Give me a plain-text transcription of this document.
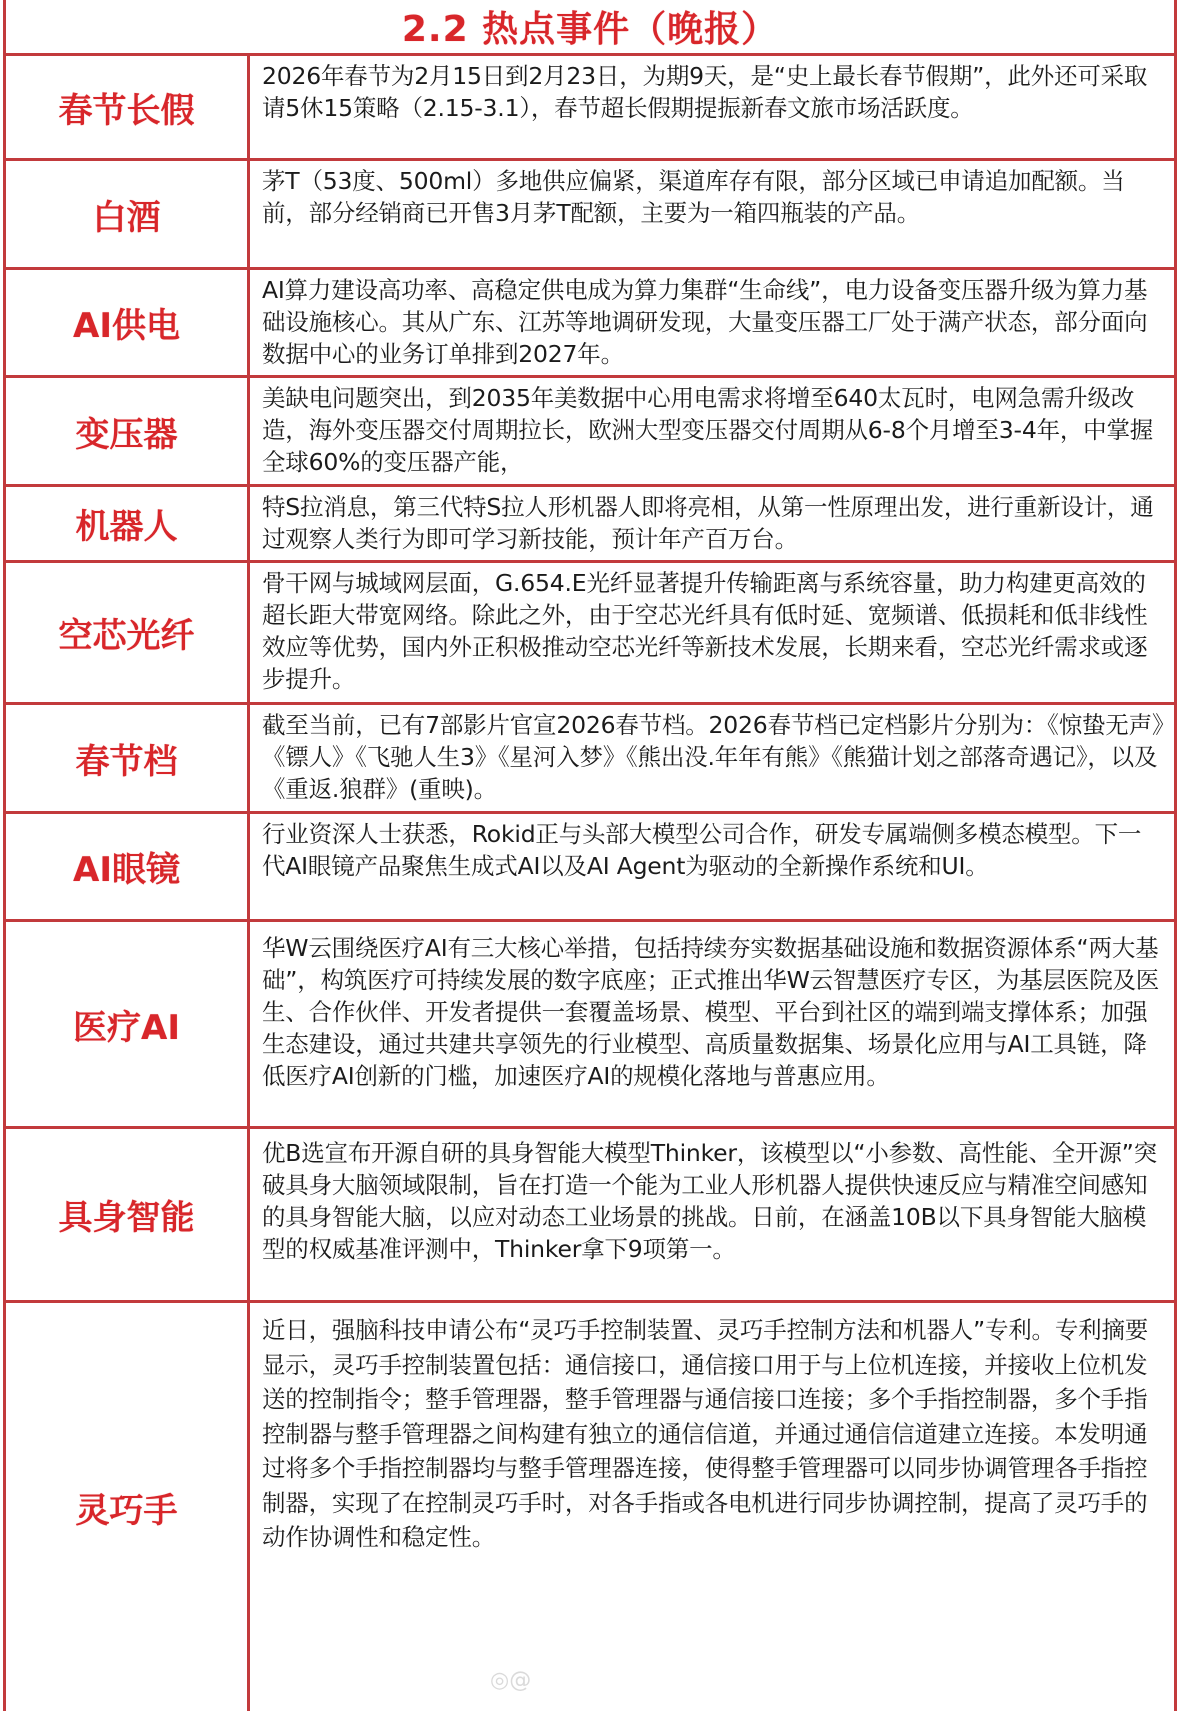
2.2 热点事件（晚报）
春节长假

2026年春节为2月15日到2月23日，为期9天，是“史上最长春节假期”，此外还可采取请5休15策略（2.15-3.1），春节超长假期提振新春文旅市场活跃度。

白酒

茅T（53度、500ml）多地供应偏紧，渠道库存有限，部分区域已申请追加配额。当前，部分经销商已开售3月茅T配额，主要为一箱四瓶装的产品。

AI供电

AI算力建设高功率、高稳定供电成为算力集群“生命线”，电力设备变压器升级为算力基础设施核心。其从广东、江苏等地调研发现，大量变压器工厂处于满产状态，部分面向数据中心的业务订单排到2027年。

变压器

美缺电问题突出，到2035年美数据中心用电需求将增至640太瓦时，电网急需升级改造，海外变压器交付周期拉长，欧洲大型变压器交付周期从6-8个月增至3-4年，中掌握全球60%的变压器产能，

机器人	特S拉消息，第三代特S拉人形机器人即将亮相，从第一性原理出发，进行重新设计，通过观察人类行为即可学习新技能，预计年产百万台。

空芯光纤

骨干网与城域网层面，G.654.E光纤显著提升传输距离与系统容量，助力构建更高效的超长距大带宽网络。除此之外，由于空芯光纤具有低时延、宽频谱、低损耗和低非线性效应等优势，国内外正积极推动空芯光纤等新技术发展，长期来看，空芯光纤需求或逐步提升。

春节档

截至当前，已有7部影片官宣2026春节档。2026春节档已定档影片分别为：《惊蛰无声》《镖人》《飞驰人生3》《星河入梦》《熊出没.年年有熊》《熊猫计划之部落奇遇记》，以及《重返.狼群》(重映)。

AI眼镜

行业资深人士获悉，Rokid正与头部大模型公司合作，研发专属端侧多模态模型。下一代AI眼镜产品聚焦生成式AI以及AI Agent为驱动的全新操作系统和UI。

医疗AI

华W云围绕医疗AI有三大核心举措，包括持续夯实数据基础设施和数据资源体系“两大基础”，构筑医疗可持续发展的数字底座；正式推出华W云智慧医疗专区，为基层医院及医生、合作伙伴、开发者提供一套覆盖场景、模型、平台到社区的端到端支撑体系；加强生态建设，通过共建共享领先的行业模型、高质量数据集、场景化应用与AI工具链，降低医疗AI创新的门槛，加速医疗AI的规模化落地与普惠应用。

具身智能

优B选宣布开源自研的具身智能大模型Thinker，该模型以“小参数、高性能、全开源”突破具身大脑领域限制，旨在打造一个能为工业人形机器人提供快速反应与精准空间感知的具身智能大脑，以应对动态工业场景的挑战。日前，在涵盖10B以下具身智能大脑模型的权威基准评测中，Thinker拿下9项第一。

灵巧手

近日，强脑科技申请公布“灵巧手控制装置、灵巧手控制方法和机器人”专利。专利摘要显示，灵巧手控制装置包括：通信接口，通信接口用于与上位机连接，并接收上位机发送的控制指令；整手管理器，整手管理器与通信接口连接；多个手指控制器，多个手指控制器与整手管理器之间构建有独立的通信信道，并通过通信信道建立连接。本发明通过将多个手指控制器均与整手管理器连接，使得整手管理器可以同步协调管理各手指控制器，实现了在控制灵巧手时，对各手指或各电机进行同步协调控制，提高了灵巧手的动作协调性和稳定性。

◎@
